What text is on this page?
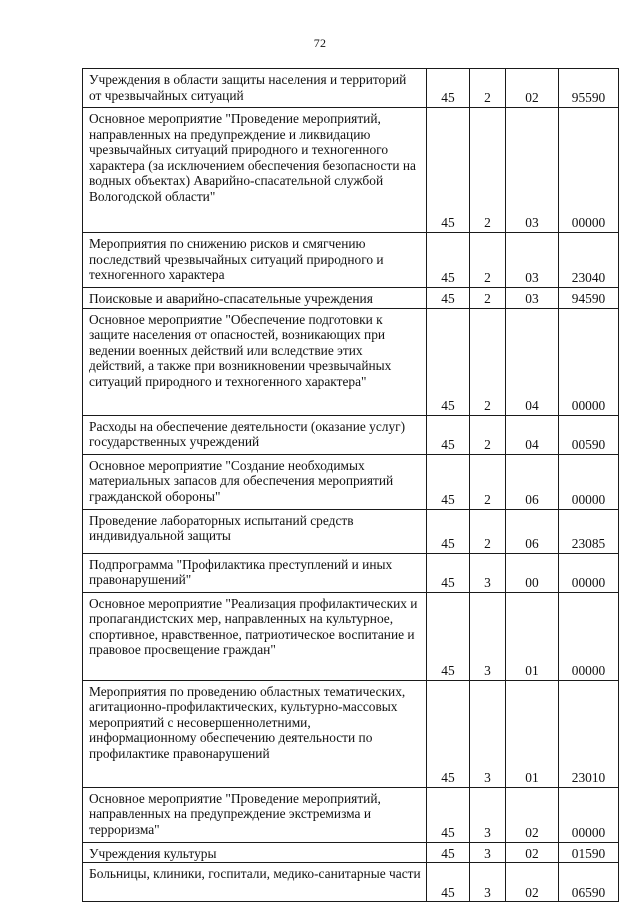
72
Учреждения в области защиты населения и территорий от чрезвычайных ситуаций	45	2	02	95590

Основное мероприятие "Проведение мероприятий, направленных на предупреждение и ликвидацию чрезвычайных ситуаций природного и техногенного характера (за исключением обеспечения безопасности на водных объектах) Аварийно-спасательной службой Вологодской области"	45	2	03	00000

Мероприятия по снижению рисков и смягчению последствий чрезвычайных ситуаций природного и техногенного характера	45	2	03	23040

Поисковые и аварийно-спасательные учреждения	45	2	03	94590

Основное мероприятие "Обеспечение подготовки к защите населения от опасностей, возникающих при ведении военных действий или вследствие этих действий, а также при возникновении чрезвычайных ситуаций природного и техногенного характера"	45	2	04	00000

Расходы на обеспечение деятельности (оказание услуг) государственных учреждений	45	2	04	00590

Основное мероприятие "Создание необходимых материальных запасов для обеспечения мероприятий гражданской обороны"	45	2	06	00000

Проведение лабораторных испытаний средств индивидуальной защиты	45	2	06	23085

Подпрограмма "Профилактика преступлений и иных правонарушений"	45	3	00	00000

Основное мероприятие "Реализация профилактических и пропагандистских мер, направленных на культурное, спортивное, нравственное, патриотическое воспитание и правовое просвещение граждан"	45	3	01	00000

Мероприятия по проведению областных тематических, агитационно-профилактических, культурно-массовых мероприятий с несовершеннолетними, информационному обеспечению деятельности по профилактике правонарушений	45	3	01	23010

Основное мероприятие "Проведение мероприятий, направленных на предупреждение экстремизма и терроризма"	45	3	02	00000

Учреждения культуры	45	3	02	01590

Больницы, клиники, госпитали, медико-санитарные части	45	3	02	06590
